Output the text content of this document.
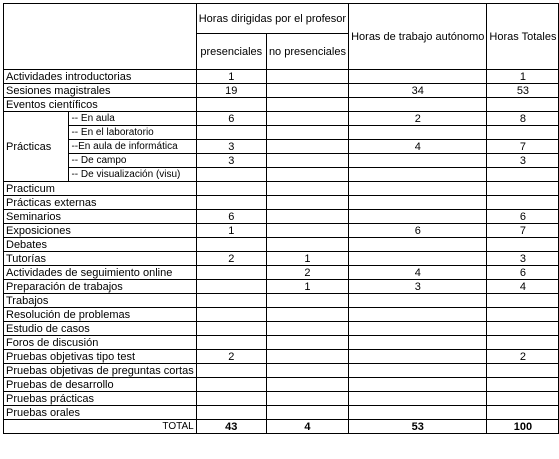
		Horas dirigidas por el profesor		Horas de trabajo autónomo	Horas Totales
		presenciales	no presenciales		
Actividades introductorias		1			1
Sesiones magistrales		19		34	53
Eventos científicos					
Prácticas	-- En aula	6		2	8
	-- En el laboratorio				
	--En aula de informática	3		4	7
	-- De campo	3			3
	-- De visualización (visu)				
Practicum					
Prácticas externas					
Seminarios		6			6
Exposiciones		1		6	7
Debates					
Tutorías		2	1		3
Actividades de seguimiento online			2	4	6
Preparación de trabajos			1	3	4
Trabajos					
Resolución de problemas					
Estudio de casos					
Foros de discusión					
Pruebas objetivas tipo test		2			2
Pruebas objetivas de preguntas cortas					
Pruebas de desarrollo					
Pruebas prácticas					
Pruebas orales					
TOTAL		43	4	53	100
